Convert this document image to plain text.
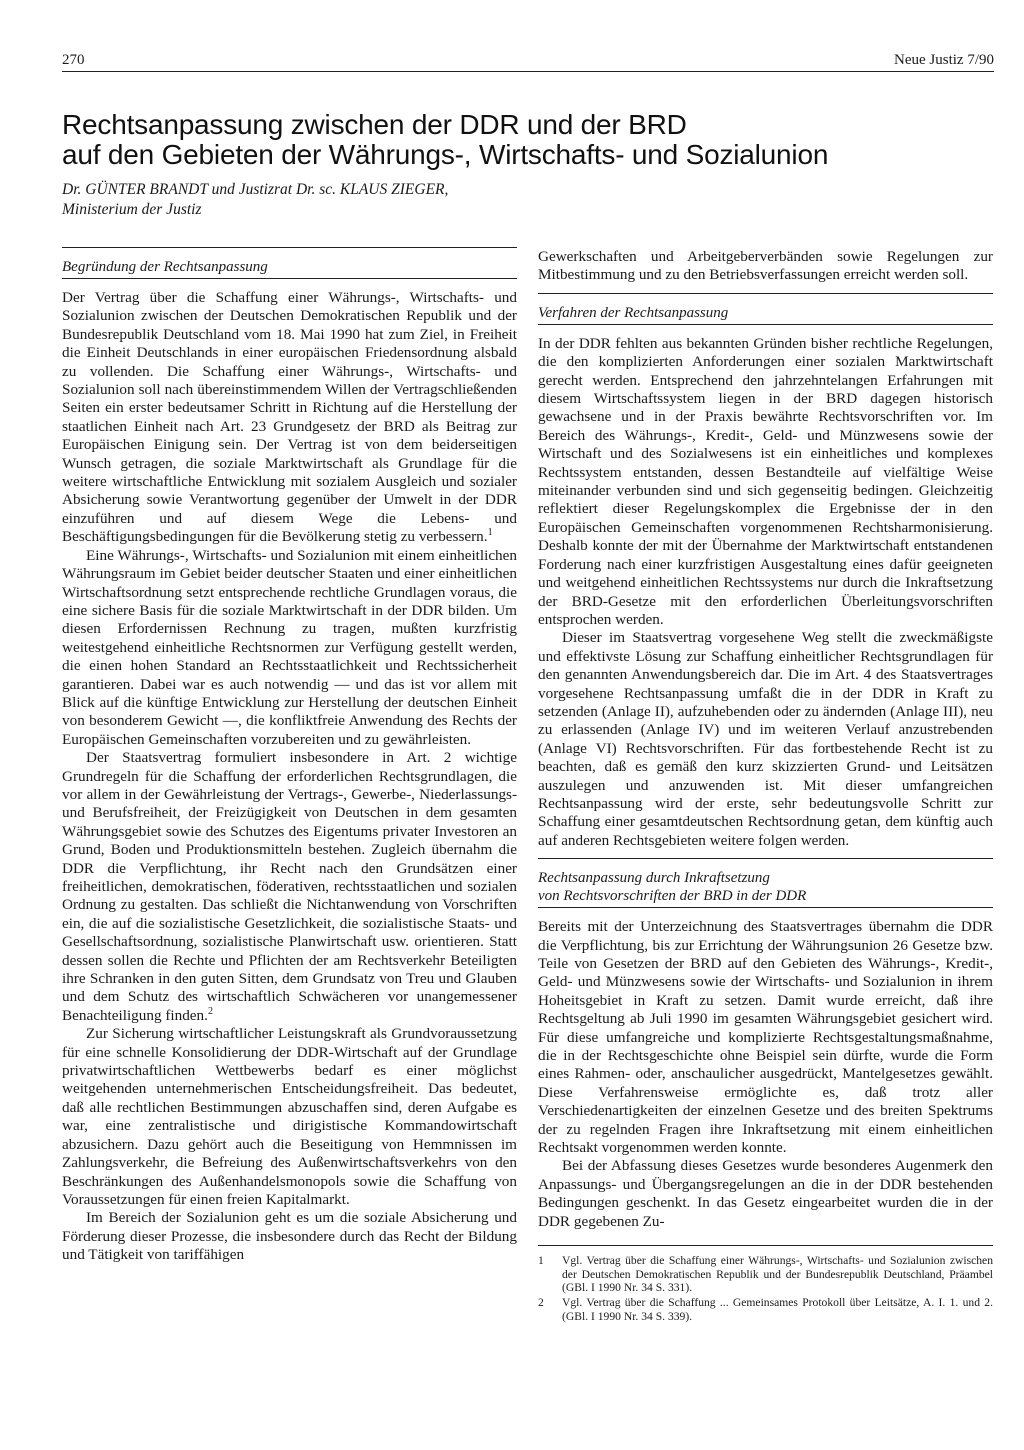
270	Neue Justiz 7/90

Rechtsanpassung zwischen der DDR und der BRD
auf den Gebieten der Währungs-, Wirtschafts- und Sozialunion
Dr. GÜNTER BRANDT und Justizrat Dr. sc. KLAUS ZIEGER,
Ministerium der Justiz
Begründung der Rechtsanpassung

Der Vertrag über die Schaffung einer Währungs-, Wirtschafts- und Sozialunion zwischen der Deutschen Demokratischen Republik und der Bundesrepublik Deutschland vom 18. Mai 1990 hat zum Ziel, in Freiheit die Einheit Deutschlands in einer europäischen Friedensordnung alsbald zu vollenden. Die Schaffung einer Währungs-, Wirtschafts- und Sozialunion soll nach übereinstimmendem Willen der Vertragschließenden Seiten ein erster bedeutsamer Schritt in Richtung auf die Herstellung der staatlichen Einheit nach Art. 23 Grundgesetz der BRD als Beitrag zur Europäischen Einigung sein. Der Vertrag ist von dem beiderseitigen Wunsch getragen, die soziale Marktwirtschaft als Grundlage für die weitere wirtschaftliche Entwicklung mit sozialem Ausgleich und sozialer Absicherung sowie Verantwortung gegenüber der Umwelt in der DDR einzuführen und auf diesem Wege die Lebens- und Beschäftigungsbedingungen für die Bevölkerung stetig zu verbessern.$^1$

Eine Währungs-, Wirtschafts- und Sozialunion mit einem einheitlichen Währungsraum im Gebiet beider deutscher Staaten und einer einheitlichen Wirtschaftsordnung setzt entsprechende rechtliche Grundlagen voraus, die eine sichere Basis für die soziale Marktwirtschaft in der DDR bilden. Um diesen Erfordernissen Rechnung zu tragen, mußten kurzfristig weitestgehend einheitliche Rechtsnormen zur Verfügung gestellt werden, die einen hohen Standard an Rechtsstaatlichkeit und Rechtssicherheit garantieren. Dabei war es auch notwendig — und das ist vor allem mit Blick auf die künftige Entwicklung zur Herstellung der deutschen Einheit von besonderem Gewicht —, die konfliktfreie Anwendung des Rechts der Europäischen Gemeinschaften vorzubereiten und zu gewährleisten.

Der Staatsvertrag formuliert insbesondere in Art. 2 wichtige Grundregeln für die Schaffung der erforderlichen Rechtsgrundlagen, die vor allem in der Gewährleistung der Vertrags-, Gewerbe-, Niederlassungs- und Berufsfreiheit, der Freizügigkeit von Deutschen in dem gesamten Währungsgebiet sowie des Schutzes des Eigentums privater Investoren an Grund, Boden und Produktionsmitteln bestehen. Zugleich übernahm die DDR die Verpflichtung, ihr Recht nach den Grundsätzen einer freiheitlichen, demokratischen, föderativen, rechtsstaatlichen und sozialen Ordnung zu gestalten. Das schließt die Nichtanwendung von Vorschriften ein, die auf die sozialistische Gesetzlichkeit, die sozialistische Staats- und Gesellschaftsordnung, sozialistische Planwirtschaft usw. orientieren. Statt dessen sollen die Rechte und Pflichten der am Rechtsverkehr Beteiligten ihre Schranken in den guten Sitten, dem Grundsatz von Treu und Glauben und dem Schutz des wirtschaftlich Schwächeren vor unangemessener Benachteiligung finden.$^2$

Zur Sicherung wirtschaftlicher Leistungskraft als Grundvoraussetzung für eine schnelle Konsolidierung der DDR-Wirtschaft auf der Grundlage privatwirtschaftlichen Wettbewerbs bedarf es einer möglichst weitgehenden unternehmerischen Entscheidungsfreiheit. Das bedeutet, daß alle rechtlichen Bestimmungen abzuschaffen sind, deren Aufgabe es war, eine zentralistische und dirigistische Kommandowirtschaft abzusichern. Dazu gehört auch die Beseitigung von Hemmnissen im Zahlungsverkehr, die Befreiung des Außenwirtschaftsverkehrs von den Beschränkungen des Außenhandelsmonopols sowie die Schaffung von Voraussetzungen für einen freien Kapitalmarkt.

Im Bereich der Sozialunion geht es um die soziale Absicherung und Förderung dieser Prozesse, die insbesondere durch das Recht der Bildung und Tätigkeit von tariffähigen

Gewerkschaften und Arbeitgeberverbänden sowie Regelungen zur Mitbestimmung und zu den Betriebsverfassungen erreicht werden soll.

Verfahren der Rechtsanpassung

In der DDR fehlten aus bekannten Gründen bisher rechtliche Regelungen, die den komplizierten Anforderungen einer sozialen Marktwirtschaft gerecht werden. Entsprechend den jahrzehntelangen Erfahrungen mit diesem Wirtschaftssystem liegen in der BRD dagegen historisch gewachsene und in der Praxis bewährte Rechtsvorschriften vor. Im Bereich des Währungs-, Kredit-, Geld- und Münzwesens sowie der Wirtschaft und des Sozialwesens ist ein einheitliches und komplexes Rechtssystem entstanden, dessen Bestandteile auf vielfältige Weise miteinander verbunden sind und sich gegenseitig bedingen. Gleichzeitig reflektiert dieser Regelungskomplex die Ergebnisse der in den Europäischen Gemeinschaften vorgenommenen Rechtsharmonisierung. Deshalb konnte der mit der Übernahme der Marktwirtschaft entstandenen Forderung nach einer kurzfristigen Ausgestaltung eines dafür geeigneten und weitgehend einheitlichen Rechtssystems nur durch die Inkraftsetzung der BRD-Gesetze mit den erforderlichen Überleitungsvorschriften entsprochen werden.

Dieser im Staatsvertrag vorgesehene Weg stellt die zweckmäßigste und effektivste Lösung zur Schaffung einheitlicher Rechtsgrundlagen für den genannten Anwendungsbereich dar. Die im Art. 4 des Staatsvertrages vorgesehene Rechtsanpassung umfaßt die in der DDR in Kraft zu setzenden (Anlage II), aufzuhebenden oder zu ändernden (Anlage III), neu zu erlassenden (Anlage IV) und im weiteren Verlauf anzustrebenden (Anlage VI) Rechtsvorschriften. Für das fortbestehende Recht ist zu beachten, daß es gemäß den kurz skizzierten Grund- und Leitsätzen auszulegen und anzuwenden ist. Mit dieser umfangreichen Rechtsanpassung wird der erste, sehr bedeutungsvolle Schritt zur Schaffung einer gesamtdeutschen Rechtsordnung getan, dem künftig auch auf anderen Rechtsgebieten weitere folgen werden.

Rechtsanpassung durch Inkraftsetzung
von Rechtsvorschriften der BRD in der DDR

Bereits mit der Unterzeichnung des Staatsvertrages übernahm die DDR die Verpflichtung, bis zur Errichtung der Währungsunion 26 Gesetze bzw. Teile von Gesetzen der BRD auf den Gebieten des Währungs-, Kredit-, Geld- und Münzwesens sowie der Wirtschafts- und Sozialunion in ihrem Hoheitsgebiet in Kraft zu setzen. Damit wurde erreicht, daß ihre Rechtsgeltung ab Juli 1990 im gesamten Währungsgebiet gesichert wird. Für diese umfangreiche und komplizierte Rechtsgestaltungsmaßnahme, die in der Rechtsgeschichte ohne Beispiel sein dürfte, wurde die Form eines Rahmen- oder, anschaulicher ausgedrückt, Mantelgesetzes gewählt. Diese Verfahrensweise ermöglichte es, daß trotz aller Verschiedenartigkeiten der einzelnen Gesetze und des breiten Spektrums der zu regelnden Fragen ihre Inkraftsetzung mit einem einheitlichen Rechtsakt vorgenommen werden konnte.

Bei der Abfassung dieses Gesetzes wurde besonderes Augenmerk den Anpassungs- und Übergangsregelungen an die in der DDR bestehenden Bedingungen geschenkt. In das Gesetz eingearbeitet wurden die in der DDR gegebenen Zu-

1	Vgl. Vertrag über die Schaffung einer Währungs-, Wirtschafts- und Sozialunion zwischen der Deutschen Demokratischen Republik und der Bundesrepublik Deutschland, Präambel (GBl. I 1990 Nr. 34 S. 331).
2	Vgl. Vertrag über die Schaffung ... Gemeinsames Protokoll über Leitsätze, A. I. 1. und 2. (GBl. I 1990 Nr. 34 S. 339).
